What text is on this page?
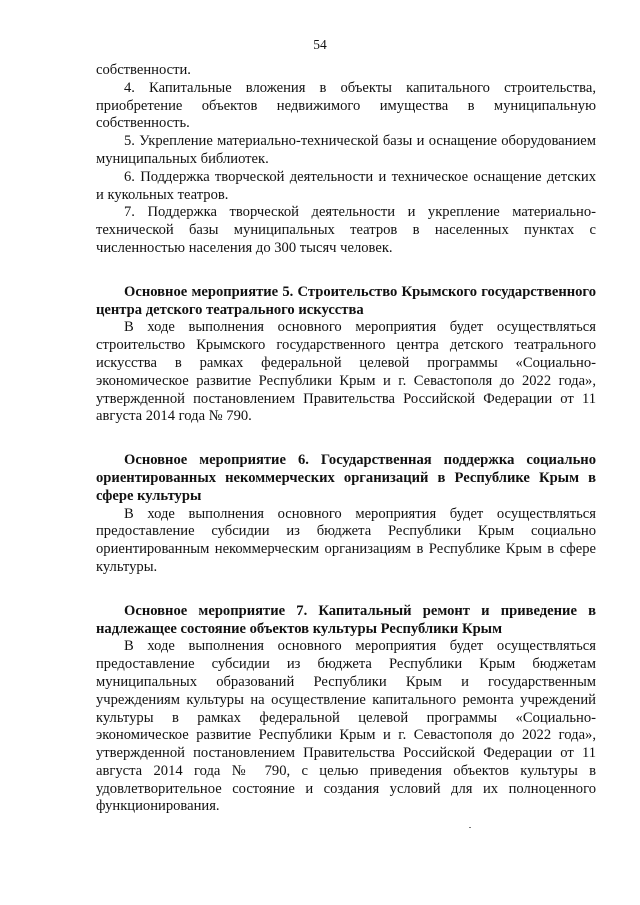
54

собственности.

4. Капитальные вложения в объекты капитального строительства, приобретение объектов недвижимого имущества в муниципальную собственность.

5. Укрепление материально-технической базы и оснащение оборудованием муниципальных библиотек.

6. Поддержка творческой деятельности и техническое оснащение детских и кукольных театров.

7. Поддержка творческой деятельности и укрепление материально-технической базы муниципальных театров в населенных пунктах с численностью населения до 300 тысяч человек.

Основное мероприятие 5. Строительство Крымского государственного центра детского театрального искусства

В ходе выполнения основного мероприятия будет осуществляться строительство Крымского государственного центра детского театрального искусства в рамках федеральной целевой программы «Социально-экономическое развитие Республики Крым и г. Севастополя до 2022 года», утвержденной постановлением Правительства Российской Федерации от 11 августа 2014 года № 790.

Основное мероприятие 6. Государственная поддержка социально ориентированных некоммерческих организаций в Республике Крым в сфере культуры

В ходе выполнения основного мероприятия будет осуществляться предоставление субсидии из бюджета Республики Крым социально ориентированным некоммерческим организациям в Республике Крым в сфере культуры.

Основное мероприятие 7. Капитальный ремонт и приведение в надлежащее состояние объектов культуры Республики Крым

В ходе выполнения основного мероприятия будет осуществляться предоставление субсидии из бюджета Республики Крым бюджетам муниципальных образований Республики Крым и государственным учреждениям культуры на осуществление капитального ремонта учреждений культуры в рамках федеральной целевой программы «Социально-экономическое развитие Республики Крым и г. Севастополя до 2022 года», утвержденной постановлением Правительства Российской Федерации от 11 августа 2014 года № 790, с целью приведения объектов культуры в удовлетворительное состояние и создания условий для их полноценного функционирования.
